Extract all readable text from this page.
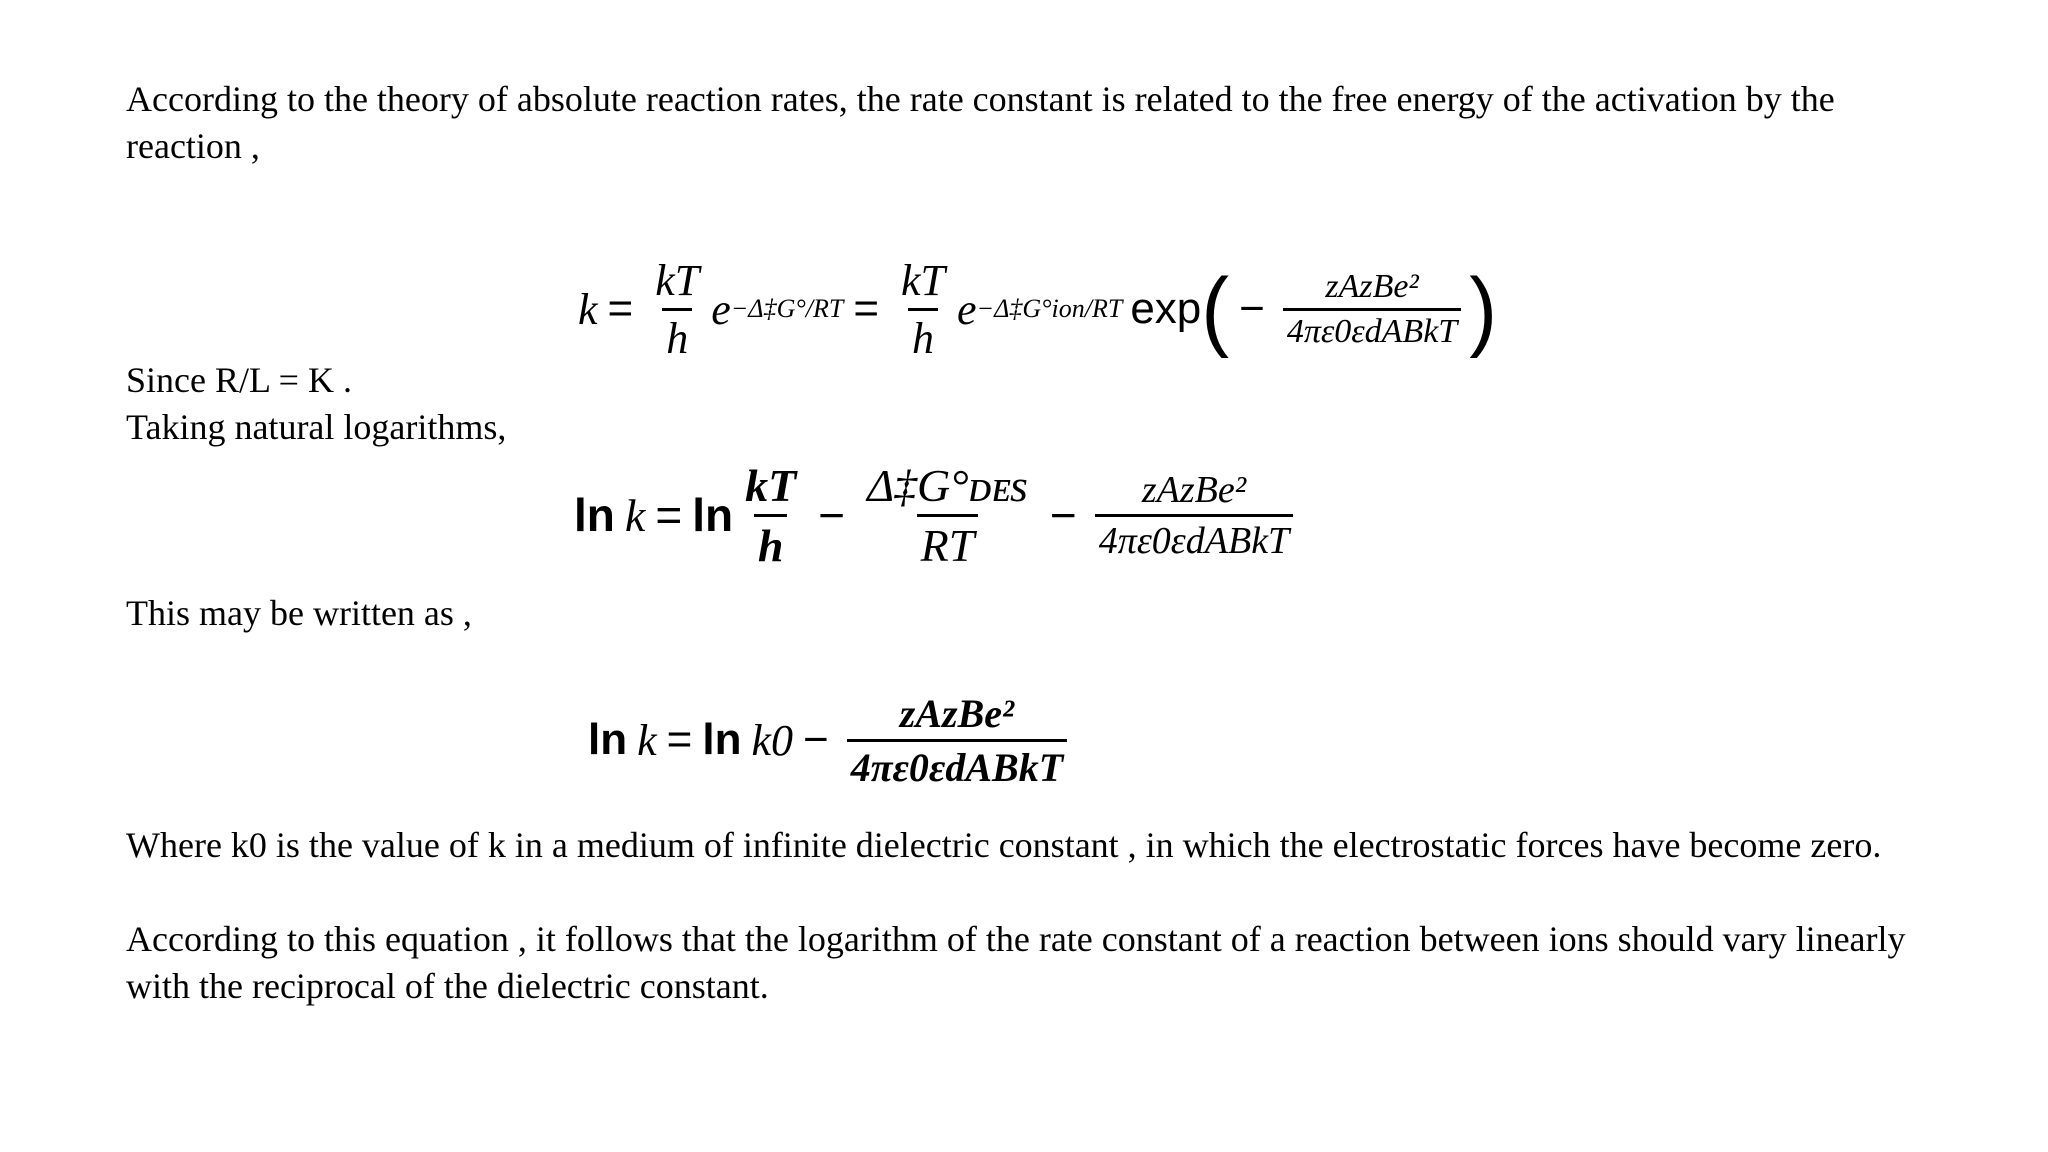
According to the theory of absolute reaction rates, the rate constant is related to the free energy of the activation by the reaction ,

Since R/L = K .

Taking natural logarithms,

This may be written as ,

Where k0 is the value of k in a medium of infinite dielectric constant , in which the electrostatic forces have become zero.

According to this equation , it follows that the logarithm of the rate constant of a reaction between ions should vary linearly with the reciprocal of the dielectric constant.

$k = \frac{kT}{h}$ e −Δ‡G°/RT = $\frac{kT}{h}$ e −Δ‡G°ion/RT exp ( − $\frac{\text{zAzBe²}}{\text{4πε0εdABkT}}$ )
$\ln k = \ln \frac{kT}{h} - \frac{\text{Δ‡G°ᴅᴇs}}{RT} - \frac{\text{zAzBe²}}{\text{4πε0εdABkT}}$
$\ln k = \ln k0 - \frac{\text{zAzBe²}}{\text{4πε0εdABkT}}$
